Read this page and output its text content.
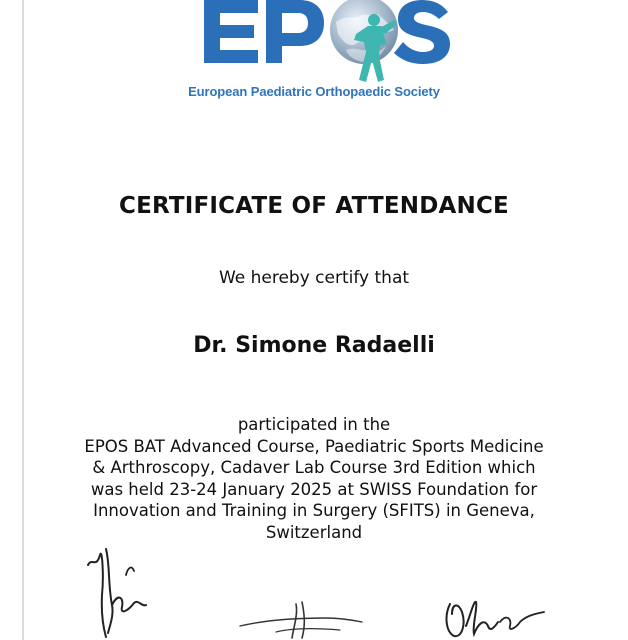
European Paediatric Orthopaedic Society
CERTIFICATE OF ATTENDANCE
We hereby certify that
Dr. Simone Radaelli
participated in the
EPOS BAT Advanced Course, Paediatric Sports Medicine
& Arthroscopy, Cadaver Lab Course 3rd Edition which
was held 23-24 January 2025 at SWISS Foundation for
Innovation and Training in Surgery (SFITS) in Geneva,
Switzerland
